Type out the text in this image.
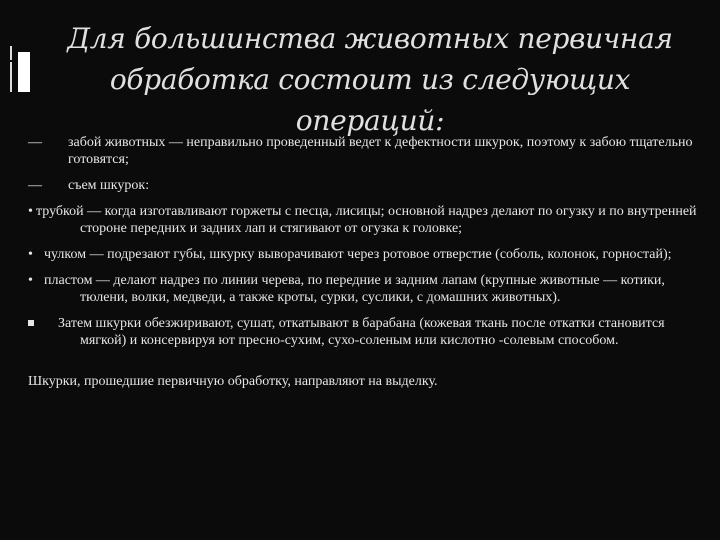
Для большинства животных первичная
обработка состоит из следующих операций:

—забой животных — неправильно проведенный ведет к дефектности шкурок, поэтому к забою тщательно готовятся;

—съем шкурок:

•трубкой — когда изготавливают горжеты с песца, лисицы; основной надрез делают по огузку и по внутренней стороне передних и задних лап и стягивают от огузка к головке;

•чулком — подрезают губы, шкурку выворачивают через ротовое отверстие (соболь, колонок, горностай);

•пластом — делают надрез по линии черева, по передние и задним лапам (крупные животные — котики, тюлени, волки, медведи, а также кроты, сурки, суслики, с домашних животных).

Затем шкурки обезжиривают, сушат, откатывают в барабана (кожевая ткань после откатки становится мягкой) и консервируя ют пресно-сухим, сухо-соленым или кислотно -солевым способом.

Шкурки, прошедшие первичную обработку, направляют на выделку.
